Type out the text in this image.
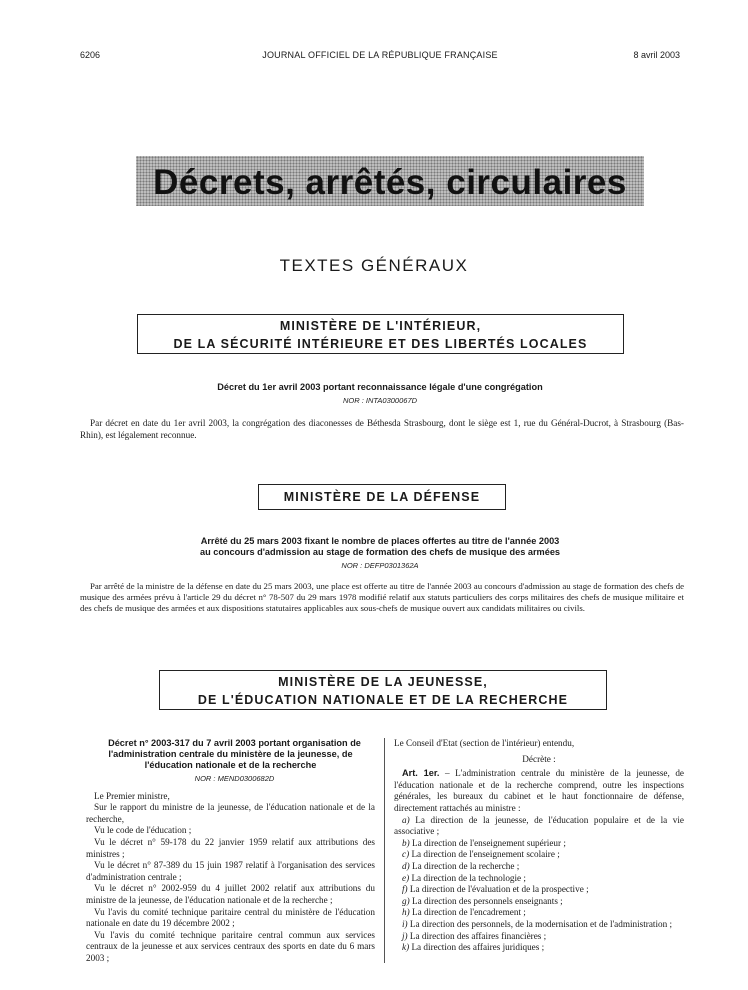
6206	JOURNAL OFFICIEL DE LA RÉPUBLIQUE FRANÇAISE	8 avril 2003
Décrets, arrêtés, circulaires
TEXTES GÉNÉRAUX
MINISTÈRE DE L'INTÉRIEUR,
DE LA SÉCURITÉ INTÉRIEURE ET DES LIBERTÉS LOCALES
Décret du 1er avril 2003 portant reconnaissance légale d'une congrégation
NOR : INTA0300067D
Par décret en date du 1er avril 2003, la congrégation des diaconesses de Béthesda Strasbourg, dont le siège est 1, rue du Général-Ducrot, à Strasbourg (Bas-Rhin), est légalement reconnue.
MINISTÈRE DE LA DÉFENSE
Arrêté du 25 mars 2003 fixant le nombre de places offertes au titre de l'année 2003
au concours d'admission au stage de formation des chefs de musique des armées
NOR : DEFP0301362A
Par arrêté de la ministre de la défense en date du 25 mars 2003, une place est offerte au titre de l'année 2003 au concours d'admission au stage de formation des chefs de musique des armées prévu à l'article 29 du décret n° 78-507 du 29 mars 1978 modifié relatif aux statuts particuliers des corps militaires des chefs de musique militaire et des chefs de musique des armées et aux dispositions statutaires applicables aux sous-chefs de musique ouvert aux candidats militaires ou civils.
MINISTÈRE DE LA JEUNESSE,
DE L'ÉDUCATION NATIONALE ET DE LA RECHERCHE

Décret n° 2003-317 du 7 avril 2003 portant organisation de l'administration centrale du ministère de la jeunesse, de l'éducation nationale et de la recherche

NOR : MEND0300682D

Le Premier ministre,

Sur le rapport du ministre de la jeunesse, de l'éducation nationale et de la recherche,

Vu le code de l'éducation ;

Vu le décret n° 59-178 du 22 janvier 1959 relatif aux attributions des ministres ;

Vu le décret n° 87-389 du 15 juin 1987 relatif à l'organisation des services d'administration centrale ;

Vu le décret n° 2002-959 du 4 juillet 2002 relatif aux attributions du ministre de la jeunesse, de l'éducation nationale et de la recherche ;

Vu l'avis du comité technique paritaire central du ministère de l'éducation nationale en date du 19 décembre 2002 ;

Vu l'avis du comité technique paritaire central commun aux services centraux de la jeunesse et aux services centraux des sports en date du 6 mars 2003 ;

Le Conseil d'Etat (section de l'intérieur) entendu,

Décrète :

Art. 1er. – L'administration centrale du ministère de la jeunesse, de l'éducation nationale et de la recherche comprend, outre les inspections générales, les bureaux du cabinet et le haut fonctionnaire de défense, directement rattachés au ministre :

a) La direction de la jeunesse, de l'éducation populaire et de la vie associative ;
b) La direction de l'enseignement supérieur ;
c) La direction de l'enseignement scolaire ;
d) La direction de la recherche ;
e) La direction de la technologie ;
f) La direction de l'évaluation et de la prospective ;
g) La direction des personnels enseignants ;
h) La direction de l'encadrement ;
i) La direction des personnels, de la modernisation et de l'administration ;
j) La direction des affaires financières ;
k) La direction des affaires juridiques ;
